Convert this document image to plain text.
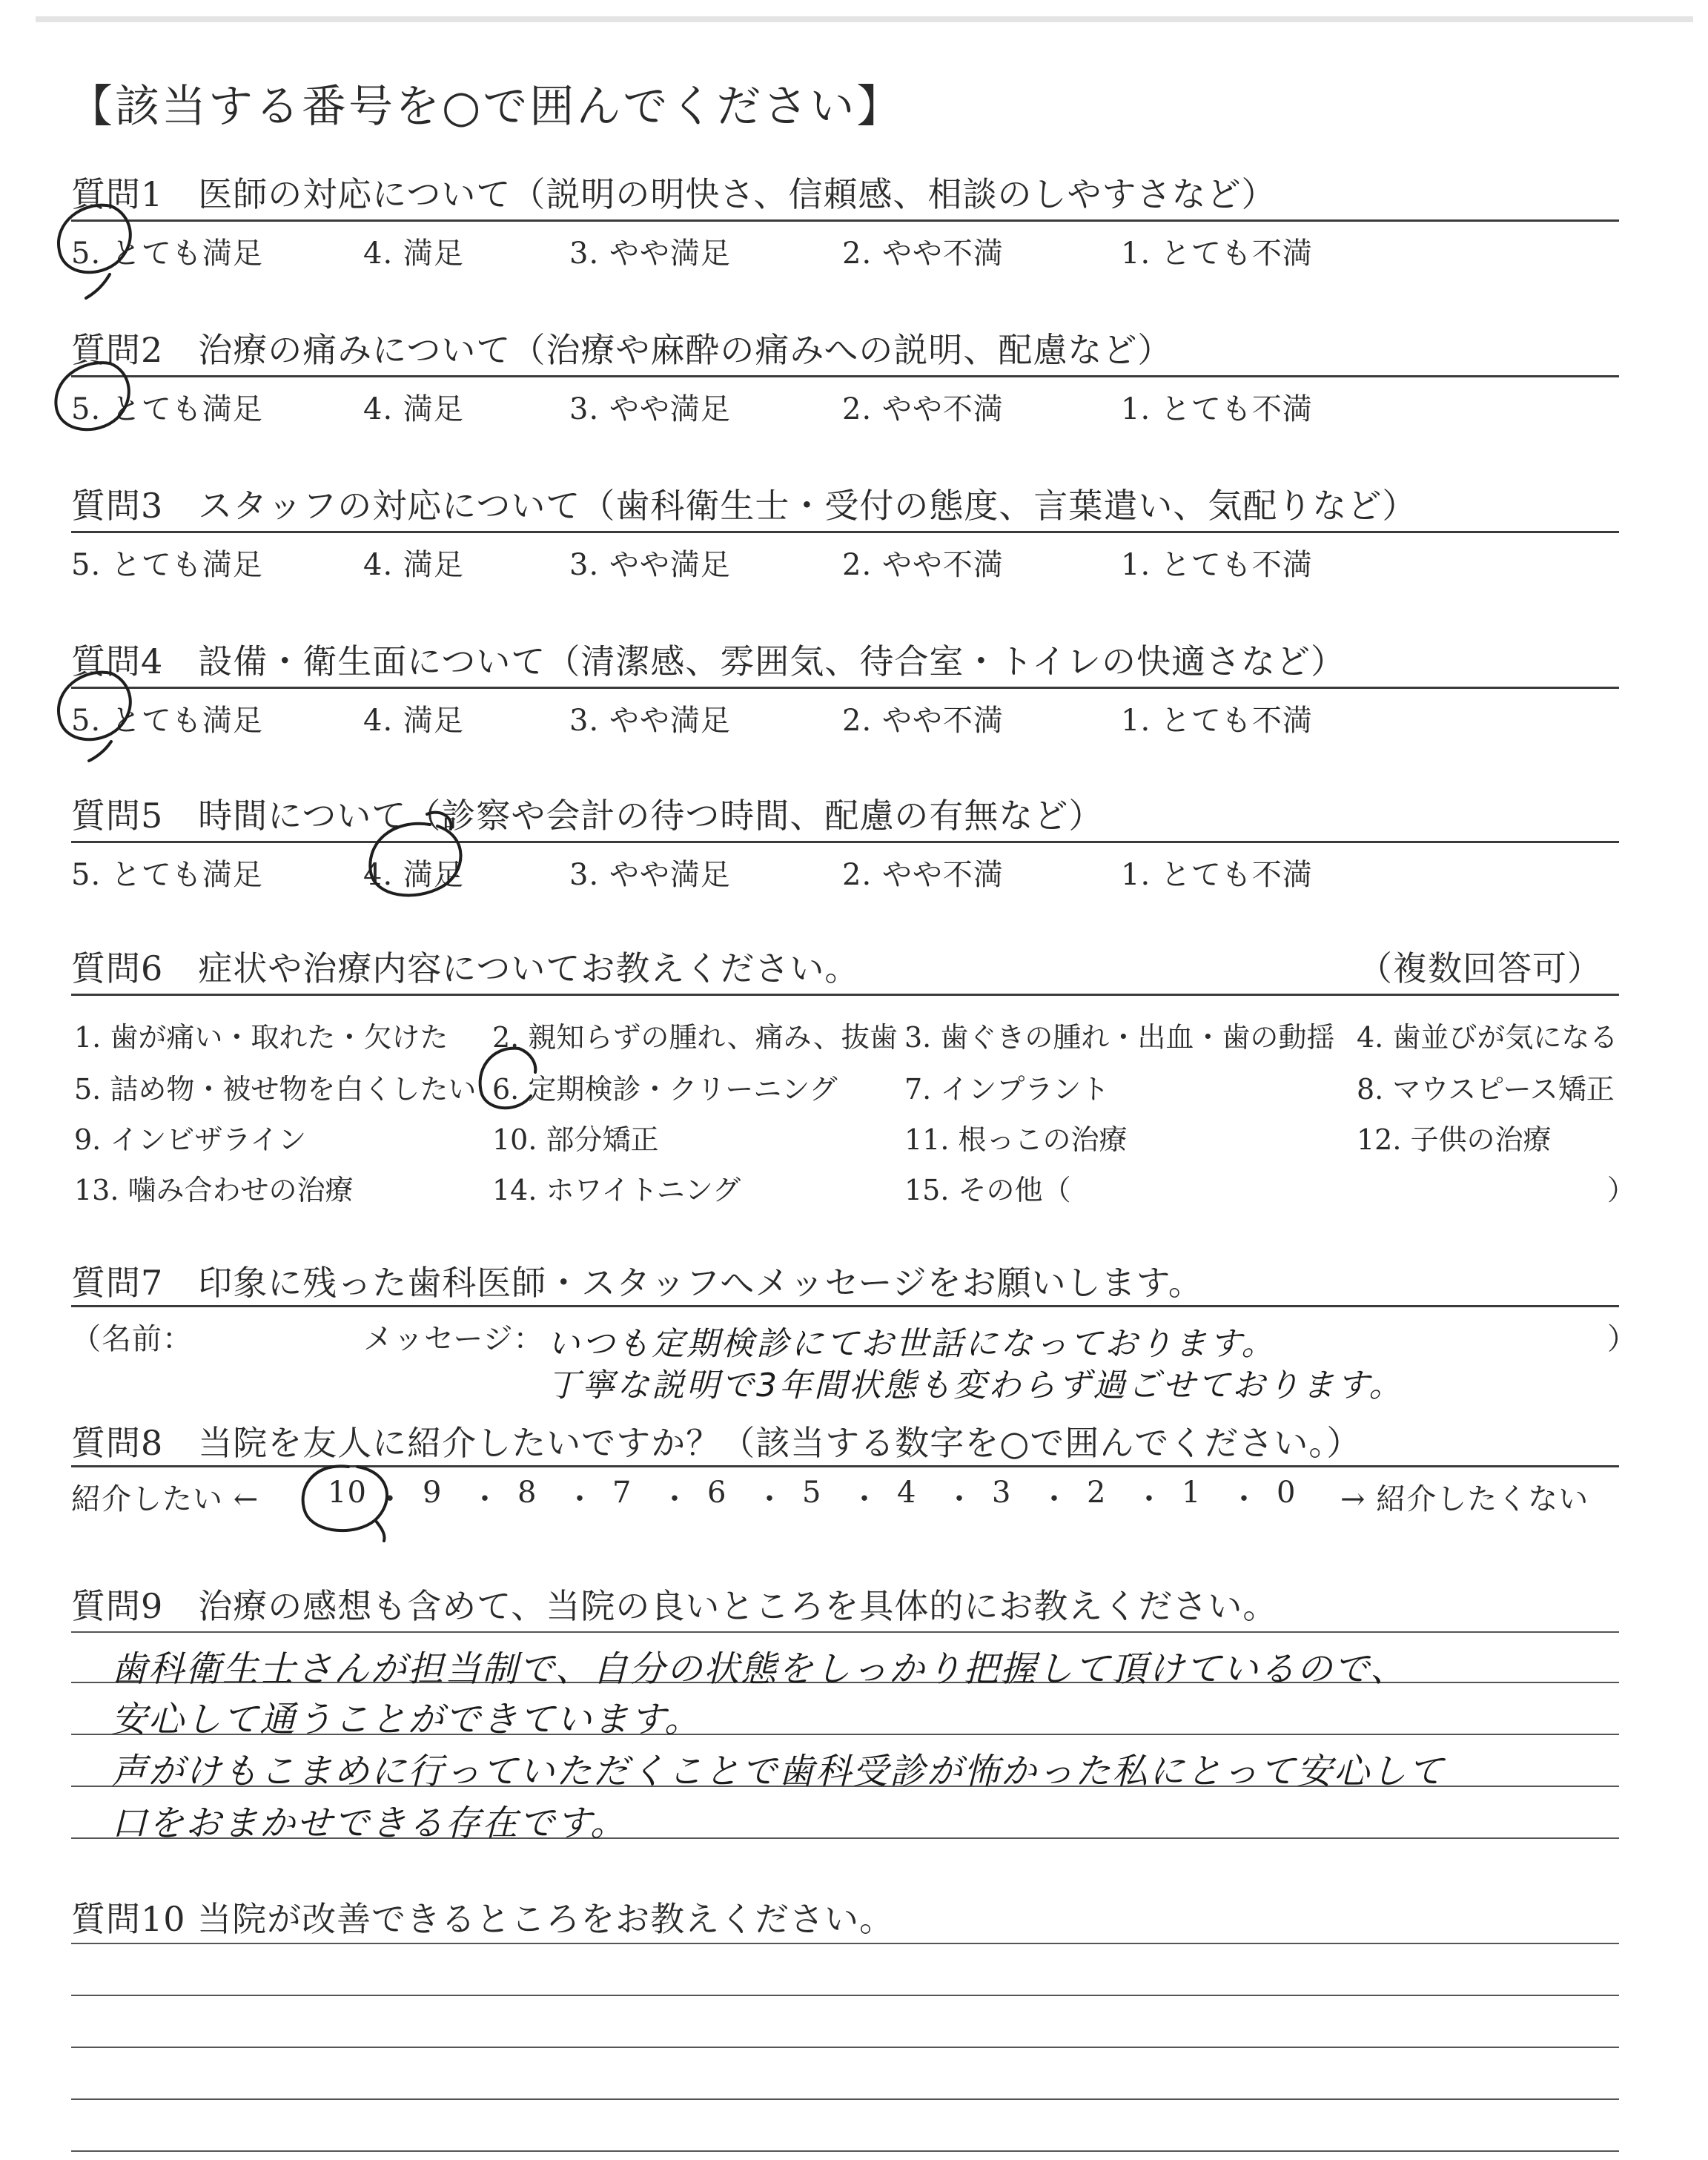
【該当する番号を○で囲んでください】
質問1　医師の対応について（説明の明快さ、信頼感、相談のしやすさなど）
5. とても満足	4. 満足	3. やや満足	2. やや不満	1. とても不満
質問2　治療の痛みについて（治療や麻酔の痛みへの説明、配慮など）
5. とても満足	4. 満足	3. やや満足	2. やや不満	1. とても不満
質問3　スタッフの対応について（歯科衛生士・受付の態度、言葉遣い、気配りなど）
5. とても満足	4. 満足	3. やや満足	2. やや不満	1. とても不満
質問4　設備・衛生面について（清潔感、雰囲気、待合室・トイレの快適さなど）
5. とても満足	4. 満足	3. やや満足	2. やや不満	1. とても不満
質問5　時間について（診察や会計の待つ時間、配慮の有無など）
5. とても満足	4. 満足	3. やや満足	2. やや不満	1. とても不満
質問6　症状や治療内容についてお教えください。	（複数回答可）
1. 歯が痛い・取れた・欠けた 2. 親知らずの腫れ、痛み、抜歯 3. 歯ぐきの腫れ・出血・歯の動揺 4. 歯並びが気になる
5. 詰め物・被せ物を白くしたい 6. 定期検診・クリーニング 7. インプラント	8. マウスピース矯正
9. インビザライン	10. 部分矯正	11. 根っこの治療	12. 子供の治療
13. 噛み合わせの治療	14. ホワイトニング	15. その他（	）
質問7　印象に残った歯科医師・スタッフへメッセージをお願いします。
（名前：	メッセージ：	）
いつも定期検診にてお世話になっております。
丁寧な説明で3年間状態も変わらず過ごせております。
質問8　当院を友人に紹介したいですか？（該当する数字を○で囲んでください。）
紹介したい ← 10 ・ 9 ・ 8 ・ 7 ・ 6 ・ 5 ・ 4 ・ 3 ・ 2 ・ 1 ・ 0 → 紹介したくない
質問9　治療の感想も含めて、当院の良いところを具体的にお教えください。
歯科衛生士さんが担当制で、自分の状態をしっかり把握して頂けているので、
安心して通うことができています。
声がけもこまめに行っていただくことで歯科受診が怖かった私にとって安心して
口をおまかせできる存在です。
質問10 当院が改善できるところをお教えください。
